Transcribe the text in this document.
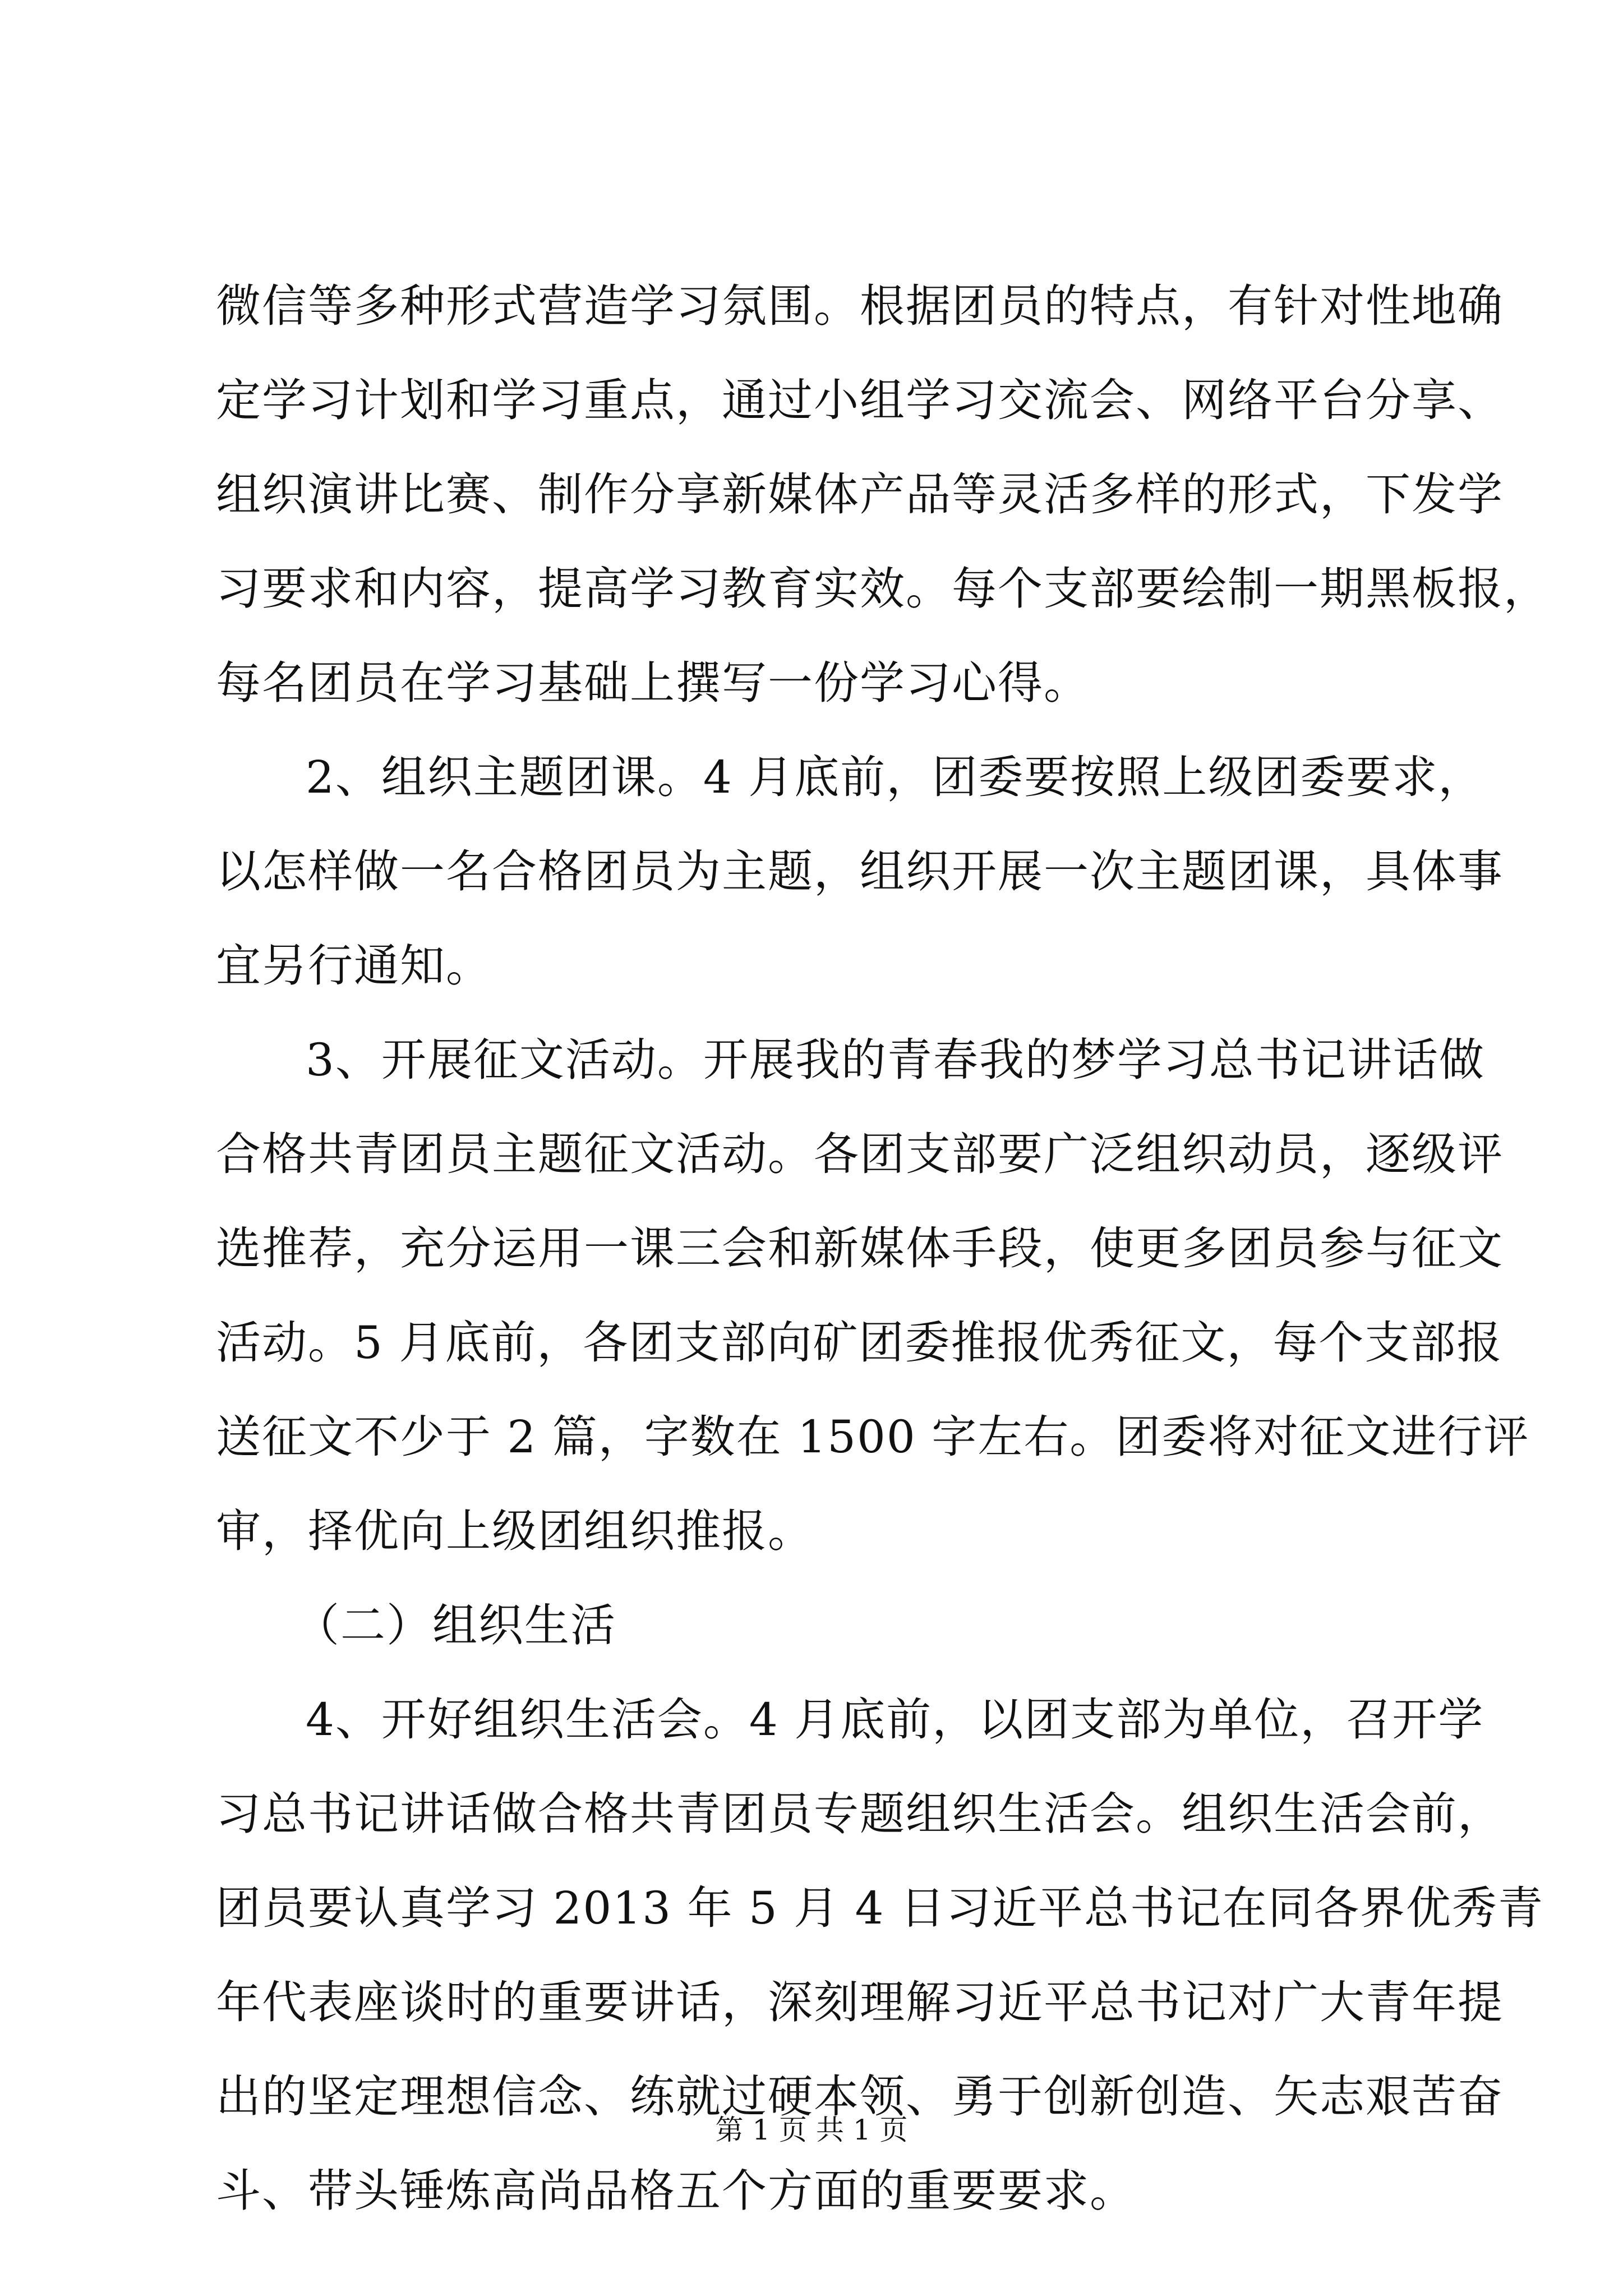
微信等多种形式营造学习氛围。根据团员的特点，有针对性地确
定学习计划和学习重点，通过小组学习交流会、网络平台分享、
组织演讲比赛、制作分享新媒体产品等灵活多样的形式，下发学
习要求和内容，提高学习教育实效。每个支部要绘制一期黑板报，
每名团员在学习基础上撰写一份学习心得。
2、组织主题团课。4 月底前，团委要按照上级团委要求，
以怎样做一名合格团员为主题，组织开展一次主题团课，具体事
宜另行通知。
3、开展征文活动。开展我的青春我的梦学习总书记讲话做
合格共青团员主题征文活动。各团支部要广泛组织动员，逐级评
选推荐，充分运用一课三会和新媒体手段，使更多团员参与征文
活动。5 月底前，各团支部向矿团委推报优秀征文，每个支部报
送征文不少于 2 篇，字数在 1500 字左右。团委将对征文进行评
审，择优向上级团组织推报。
（二）组织生活
4、开好组织生活会。4 月底前，以团支部为单位，召开学
习总书记讲话做合格共青团员专题组织生活会。组织生活会前，
团员要认真学习 2013 年 5 月 4 日习近平总书记在同各界优秀青
年代表座谈时的重要讲话，深刻理解习近平总书记对广大青年提
出的坚定理想信念、练就过硬本领、勇于创新创造、矢志艰苦奋
斗、带头锤炼高尚品格五个方面的重要要求。
第 1 页 共 1 页
